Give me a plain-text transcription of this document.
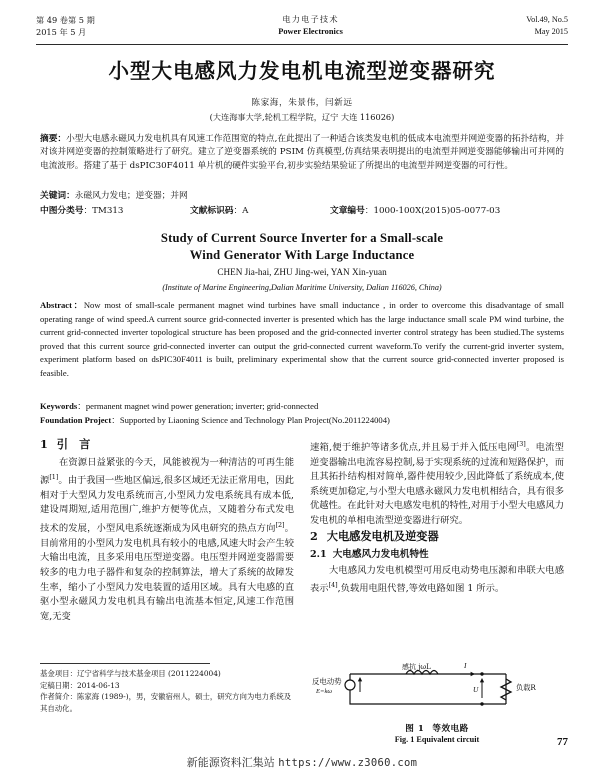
第 49 卷第 5 期
2015 年 5 月
电力电子技术
Power Electronics
Vol.49, No.5
May 2015
小型大电感风力发电机电流型逆变器研究
陈家海，朱景伟，闫新远
(大连海事大学,轮机工程学院，辽宁 大连 116026)
摘要：小型大电感永磁风力发电机具有风速工作范围宽的特点,在此提出了一种适合该类发电机的低成本电流型并网逆变器的拓扑结构，并对该并网逆变器的控制策略进行了研究。建立了逆变器系统的 PSIM 仿真模型,仿真结果表明提出的电流型并网逆变器能够输出可并网的电流波形。搭建了基于 dsPIC30F4011 单片机的硬件实验平台,初步实验结果验证了所提出的电流型并网逆变器的可行性。
关键词：永磁风力发电；逆变器；并网
中图分类号：TM313	文献标识码：A	文章编号：1000-100X(2015)05-0077-03
Study of Current Source Inverter for a Small-scale
Wind Generator With Large Inductance
CHEN Jia-hai, ZHU Jing-wei, YAN Xin-yuan
(Institute of Marine Engineering,Dalian Maritime University, Dalian 116026, China)
Abstract：Now most of small-scale permanent magnet wind turbines have small inductance , in order to overcome this disadvantage of small operating range of wind speed.A current source grid-connected inverter is presented which has the large inductance small scale PM wind turbine, the current grid-connected inverter topological structure has been proposed and the grid-connected inverter control strategy has been studied.The systems proved that this current source grid-connected inverter can output the grid-connected current waveform.To verify the current-grid inverter system, experiment platform based on dsPIC30F4011 is built, preliminary experimental show that the current source grid-connected inverter proposed is feasible.
Keywords：permanent magnet wind power generation; inverter; grid-connected
Foundation Project：Supported by Liaoning Science and Technology Plan Project(No.2011224004)
1 引　言

在资源日益紧张的今天，风能被视为一种清洁的可再生能源[1]。由于我国一些地区偏远,很多区域还无法正常用电，因此相对于大型风力发电系统而言,小型风力发电系统具有成本低,建设周期短,适用范围广,维护方便等优点，又随着分布式发电技术的发展，小型风电系统逐渐成为风电研究的热点方向[2]。目前常用的小型风力发电机具有较小的电感,风速大时会产生较大输出电流，且多采用电压型逆变器。电压型并网逆变器需要较多的电力电子器件和复杂的控制算法，增大了系统的故障发生率，缩小了小型风力发电装置的适用区域。具有大电感的直驱小型永磁风力发电机具有输出电流基本恒定,风速工作范围宽,无变

基金项目：辽宁省科学与技术基金项目 (2011224004)
定稿日期：2014-06-13
作者简介：陈家海 (1989-)，男，安徽宿州人，硕士，研究方向为电力系统及其自动化。

速箱,便于维护等诸多优点,并且易于并入低压电网[3]。电流型逆变器输出电流容易控制,易于实现系统的过流和短路保护，而且其拓扑结构相对简单,器件使用较少,因此降低了系统成本,使系统更加稳定,与小型大电感永磁风力发电机相结合，具有很多优越性。在此针对大电感发电机的特性,对用于小型大电感风力发电机的单相电流型逆变器进行研究。

2 大电感发电机及逆变器
2.1 大电感风力发电机特性

大电感风力发电机模型可用反电动势电压源和串联大电感表示[4],负载用电阻代替,等效电路如图 1 所示。

反电动势
E=kω
感抗 jωL	I
U	负载R
图 1 等效电路
Fig. 1 Equivalent circuit	77
新能源资料汇集站 https://www.z3060.com
